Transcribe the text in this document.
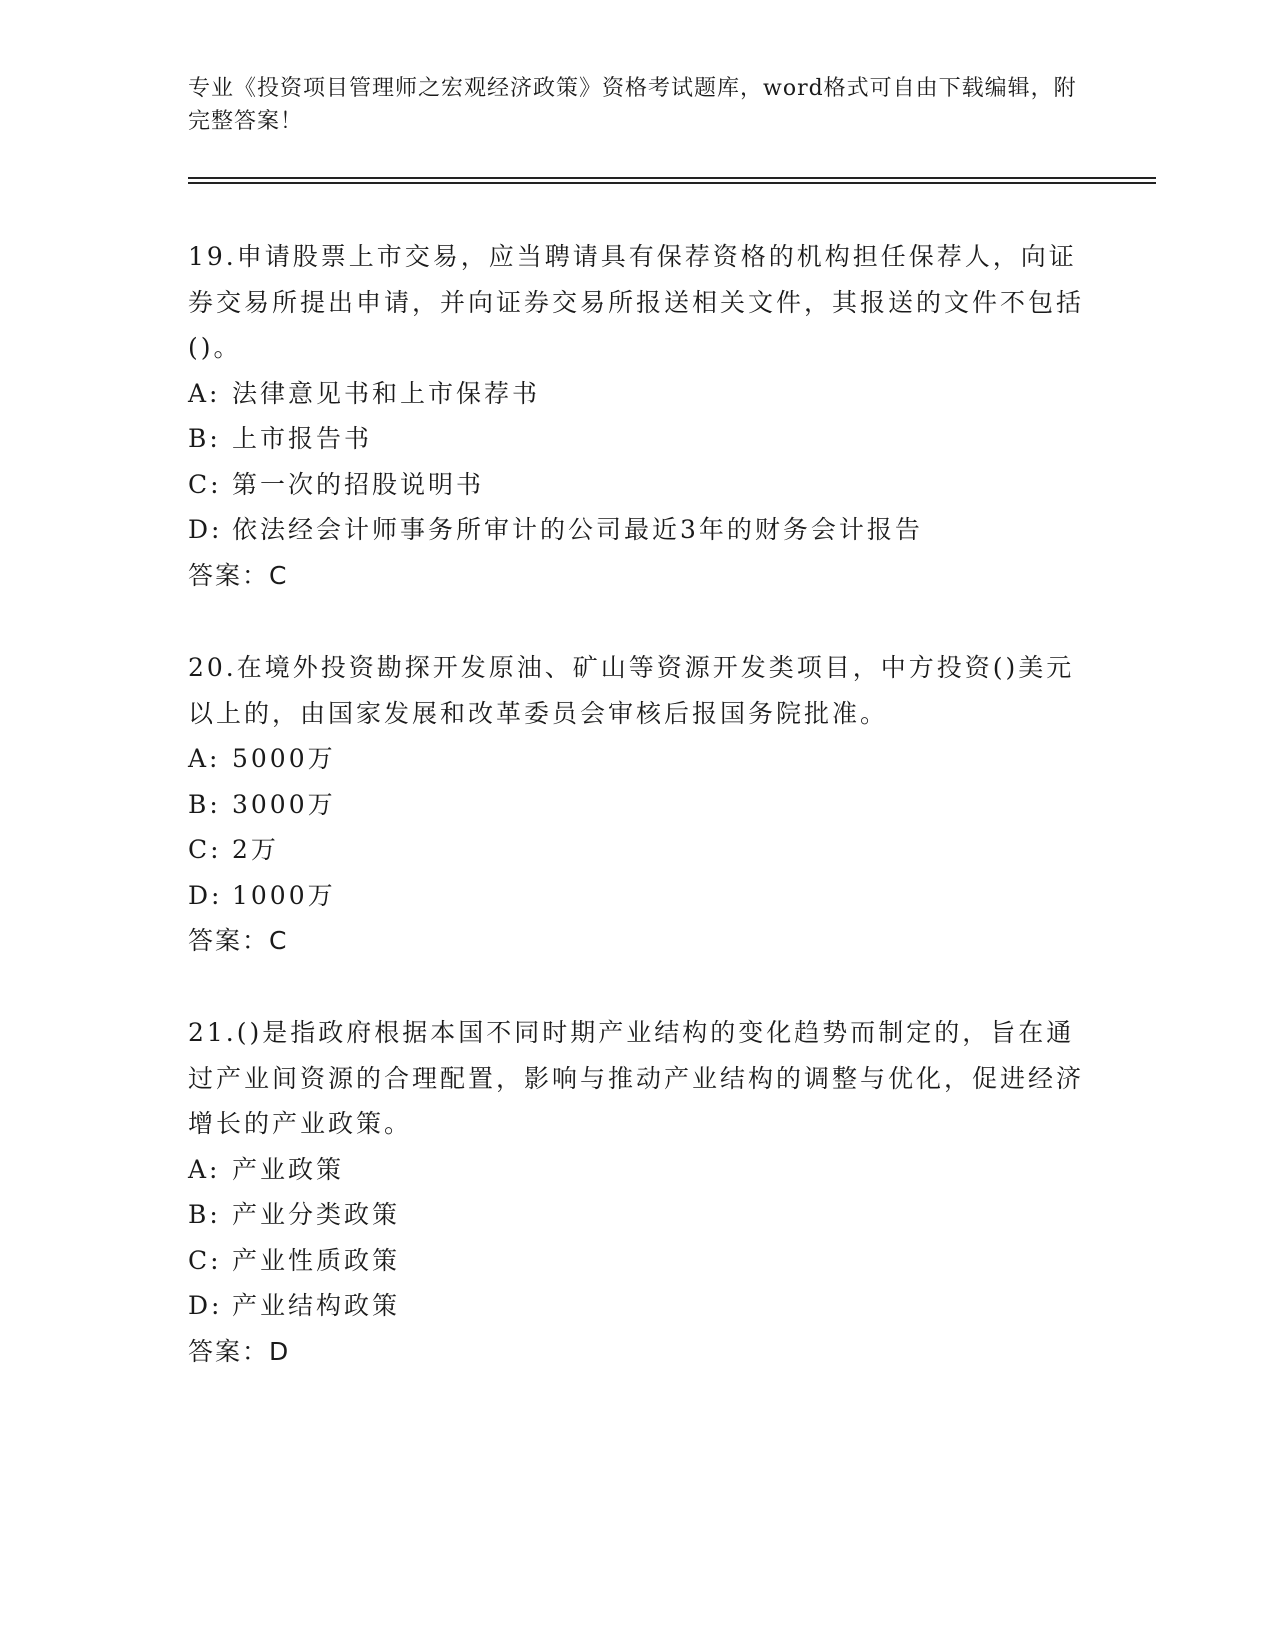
专业《投资项目管理师之宏观经济政策》资格考试题库，word格式可自由下载编辑，附完整答案！

19.申请股票上市交易，应当聘请具有保荐资格的机构担任保荐人，向证券交易所提出申请，并向证券交易所报送相关文件，其报送的文件不包括()。

A: 法律意见书和上市保荐书
B: 上市报告书
C: 第一次的招股说明书
D: 依法经会计师事务所审计的公司最近3年的财务会计报告
答案：C

20.在境外投资勘探开发原油、矿山等资源开发类项目，中方投资()美元以上的，由国家发展和改革委员会审核后报国务院批准。

A: 5000万
B: 3000万
C: 2万
D: 1000万
答案：C

21.()是指政府根据本国不同时期产业结构的变化趋势而制定的，旨在通过产业间资源的合理配置，影响与推动产业结构的调整与优化，促进经济增长的产业政策。

A: 产业政策
B: 产业分类政策
C: 产业性质政策
D: 产业结构政策
答案：D
